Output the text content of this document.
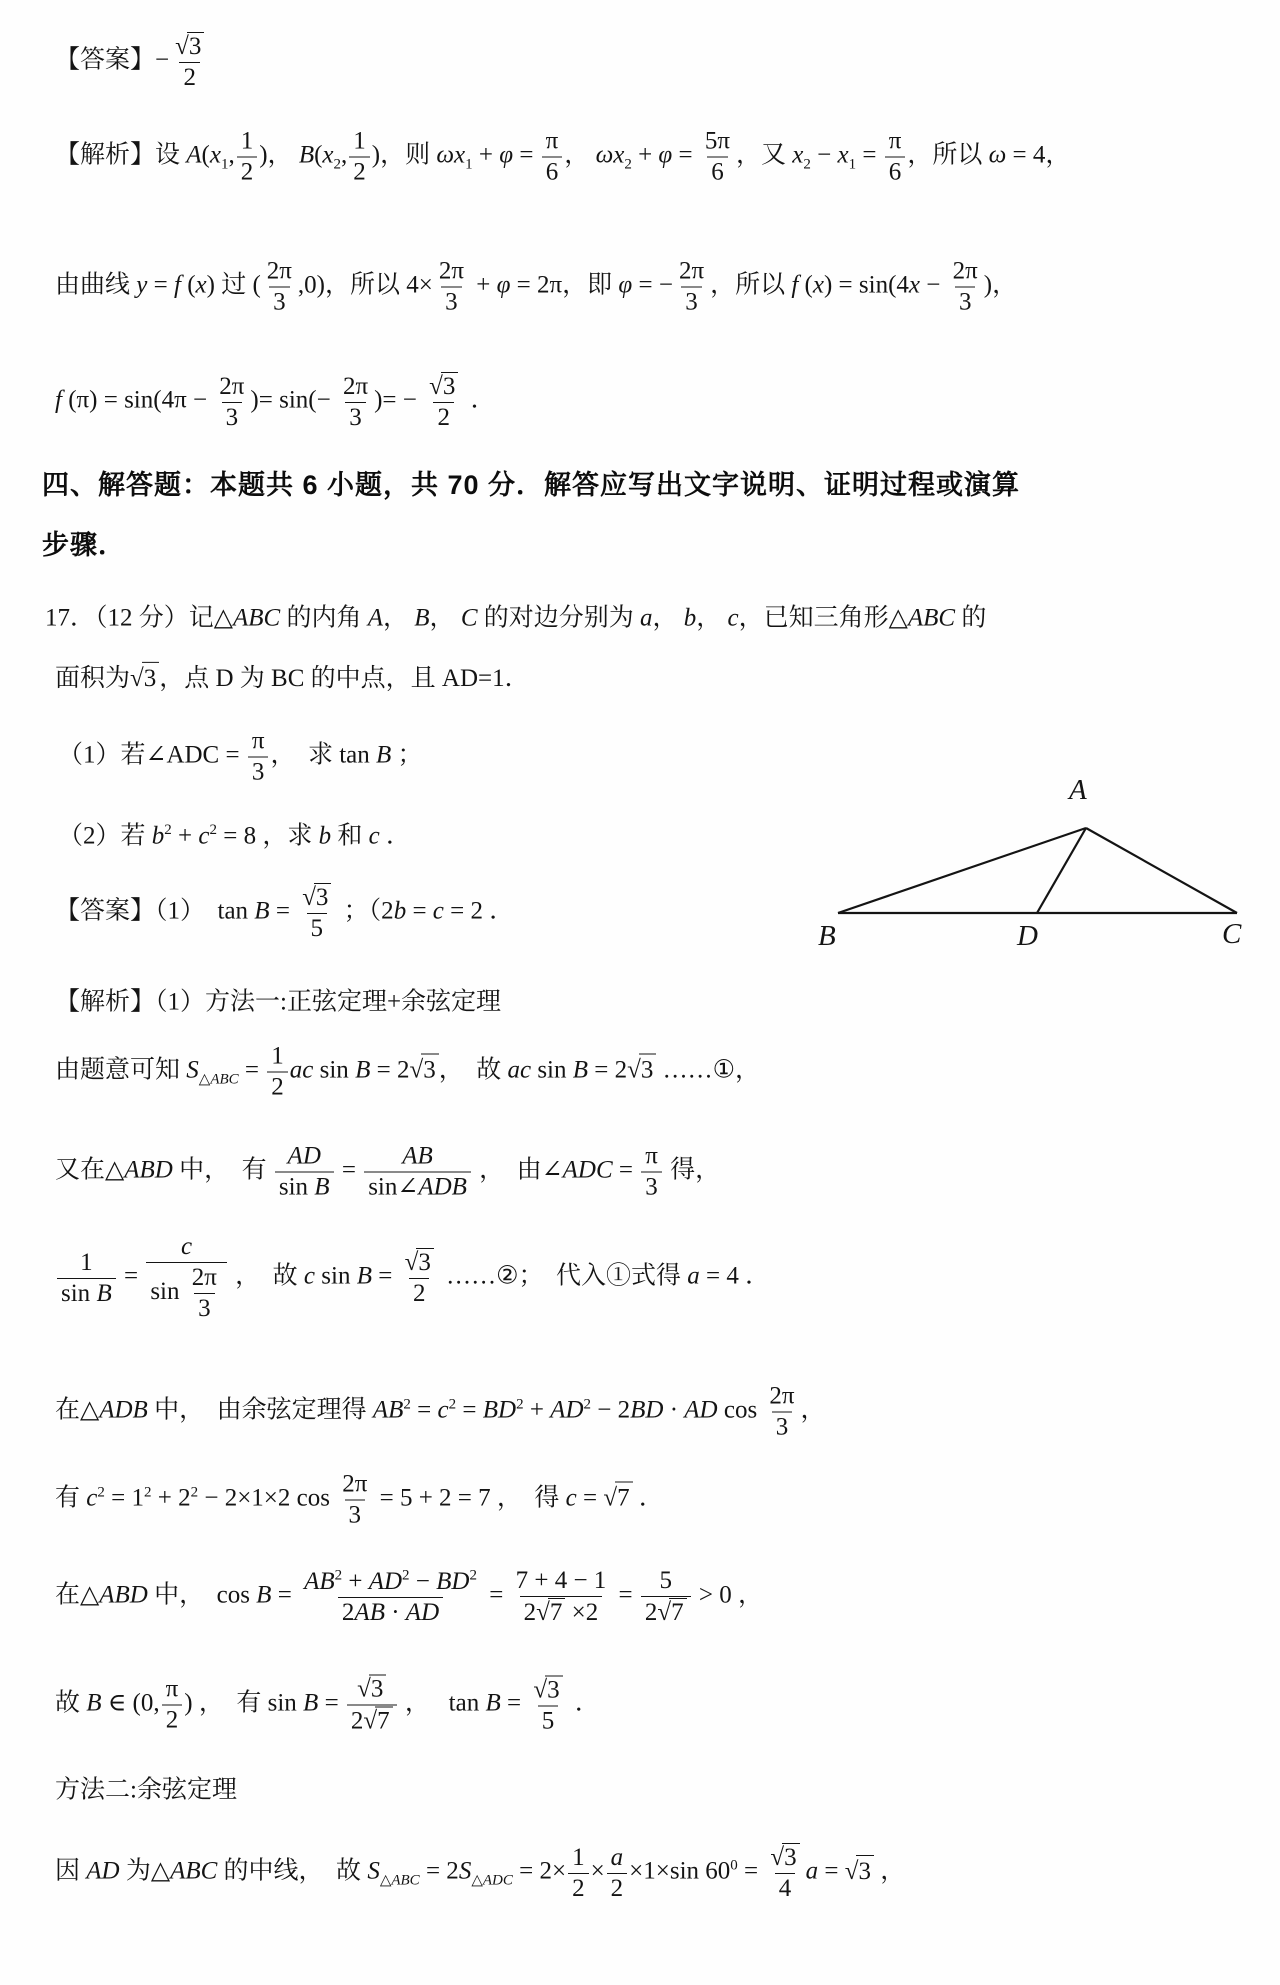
【答案】− $\frac{√3}{2}$
【解析】设 $A(x_1$, $\frac{1}{2}$ )， $B(x_2$, $\frac{1}{2}$ )，则 $\omega x_1 + \varphi = \frac{\pi}{6}$ ， $\omega x_2 + \varphi = \frac{5\pi}{6}$ ，又 $x_2 - x_1 = \frac{\pi}{6}$ ，所以 ω = 4，
由曲线 y = f (x) 过 ( $\frac{2\pi}{3} ,0$)，所以 $4\times \frac{2\pi}{3} + \varphi = 2\pi$，即 φ = − $\frac{2\pi}{3}$ ，所以 f $(x) = \sin(4x - \frac{2\pi}{3}$ )，
f $(\pi) = \sin(4\pi - \frac{2\pi}{3}$ )= $\sin(- \frac{2\pi}{3}$ )= − $\frac{√3}{2}$ ．
四、解答题：本题共 6 小题，共 70 分．解答应写出文字说明、证明过程或演算
步骤．
17．（12 分）记△ABC 的内角 A， B， C 的对边分别为 a， b， c，已知三角形△ABC 的
面积为√3 ，点 D 为 BC 的中点，且 AD=1．
（1）若∠ADC = $\frac{\pi}{3}$ ，  求 tan B ；
（2）若 $b^2 + c^2 = 8$ ，求 b 和 c ．
【答案】（1）  $\tan B = \frac{√3}{5}$ ；（2b = c = 2 ．
【解析】（1）方法一:正弦定理+余弦定理
由题意可知 $S_{\triangle ABC} = \frac{1}{2}$ ac sin B = 2√3 ，  故 ac sin B = 2√3 ……①，
又在△ABD 中，  有 $\frac{AD}{\text{sin B}} = \frac{AB}{\text{sin∠ADB}}$ ，  由∠ADC = $\frac{\pi}{3}$ 得，
$\frac{1}{\text{sin B}} = \frac{c}{\sin \frac{2\pi}{3}}$ ，  故 c $\sin B = \frac{√3}{2}$ ……②；  代入①式得 a = 4 ．
在△ADB 中，  由余弦定理得 $AB^2 = c^2 = BD^2 + AD^2 - 2BD$ · AD $\cos \frac{2\pi}{3}$ ，
有 $c^2 = 1^2 + 2^2 - 2\times 1\times 2$ $\cos \frac{2\pi}{3} = 5 + 2 = 7$ ，  得 c = √7 ．
在△ABD 中，  $\cos B = \frac{AB^2 + AD^2 - BD^2}{2AB \cdot AD} = \frac{7 + 4 - 1}{2√7 \times 2} = \frac{5}{2√7} > 0$ ，
故 B ∈ (0, $\frac{\pi}{2}$ ) ，  有 $\sin B = \frac{√3}{2√7}$ ，   $\tan B = \frac{√3}{5}$ ．
方法二:余弦定理
因 AD 为△ABC 的中线，  故 $S_{\triangle ABC} = 2S_{\triangle ADC} = 2\times \frac{1}{2} \times \frac{a}{2} \times 1\times\sin$ $60^0 = \frac{√3}{4}$ a = √3 ，
A
B	D	C
